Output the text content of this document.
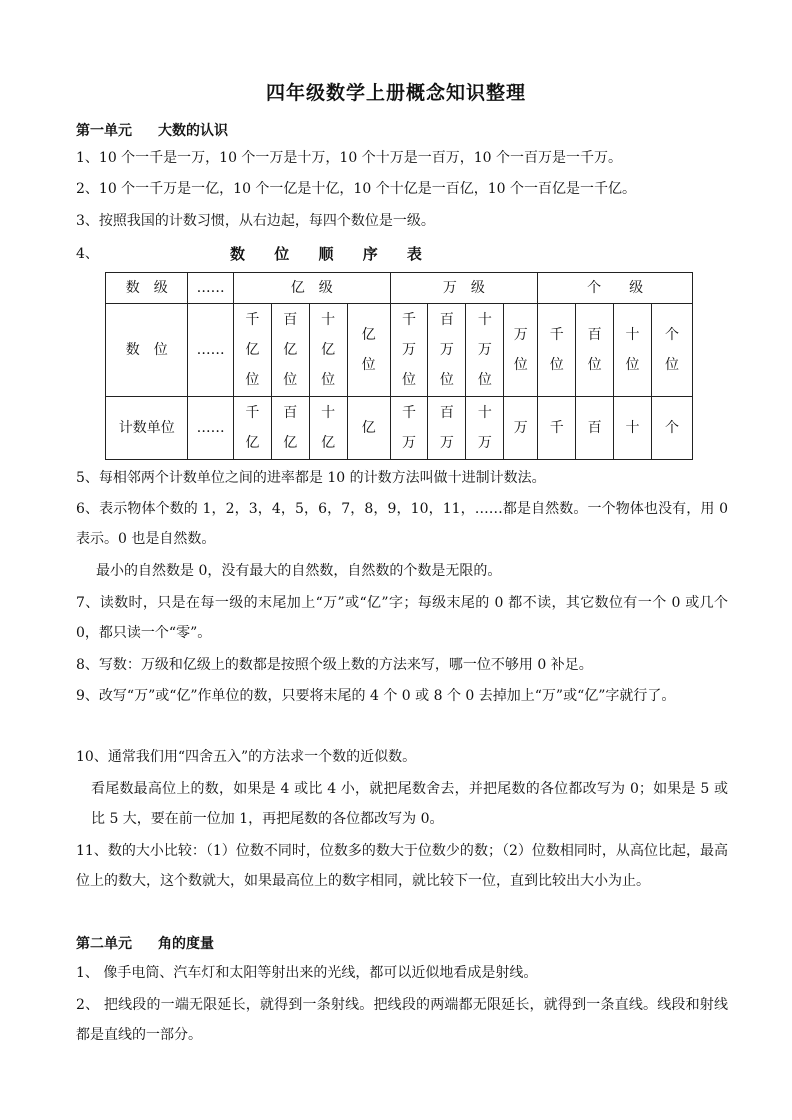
四年级数学上册概念知识整理
第一单元 大数的认识
1、10 个一千是一万，10 个一万是十万，10 个十万是一百万，10 个一百万是一千万。
2、10 个一千万是一亿，10 个一亿是十亿，10 个十亿是一百亿，10 个一百亿是一千亿。
3、按照我国的计数习惯，从右边起，每四个数位是一级。
4、	数 位 顺 序 表
数　级	……	亿　级				万　级				个　　级			
数　位	……	千亿位	百亿位	十亿位	亿位	千万位	百万位	十万位	万位	千位	百位	十位	个位
计数单位	……	千亿	百亿	十亿	亿	千万	百万	十万	万	千	百	十	个
5、每相邻两个计数单位之间的进率都是 10 的计数方法叫做十进制计数法。
6、表示物体个数的 1，2，3，4，5，6，7，8，9，10，11，……都是自然数。一个物体也没有，用 0 表示。0 也是自然数。
最小的自然数是 0，没有最大的自然数，自然数的个数是无限的。
7、读数时，只是在每一级的末尾加上“万”或“亿”字；每级末尾的 0 都不读，其它数位有一个 0 或几个 0，都只读一个“零”。
8、写数：万级和亿级上的数都是按照个级上数的方法来写，哪一位不够用 0 补足。
9、改写“万”或“亿”作单位的数，只要将末尾的 4 个 0 或 8 个 0 去掉加上“万”或“亿”字就行了。
10、通常我们用“四舍五入”的方法求一个数的近似数。
看尾数最高位上的数，如果是 4 或比 4 小，就把尾数舍去，并把尾数的各位都改写为 0；如果是 5 或比 5 大，要在前一位加 1，再把尾数的各位都改写为 0。
11、数的大小比较：（1）位数不同时，位数多的数大于位数少的数；（2）位数相同时，从高位比起，最高位上的数大，这个数就大，如果最高位上的数字相同，就比较下一位，直到比较出大小为止。
第二单元 角的度量
1、 像手电筒、汽车灯和太阳等射出来的光线，都可以近似地看成是射线。
2、 把线段的一端无限延长，就得到一条射线。把线段的两端都无限延长，就得到一条直线。线段和射线都是直线的一部分。
